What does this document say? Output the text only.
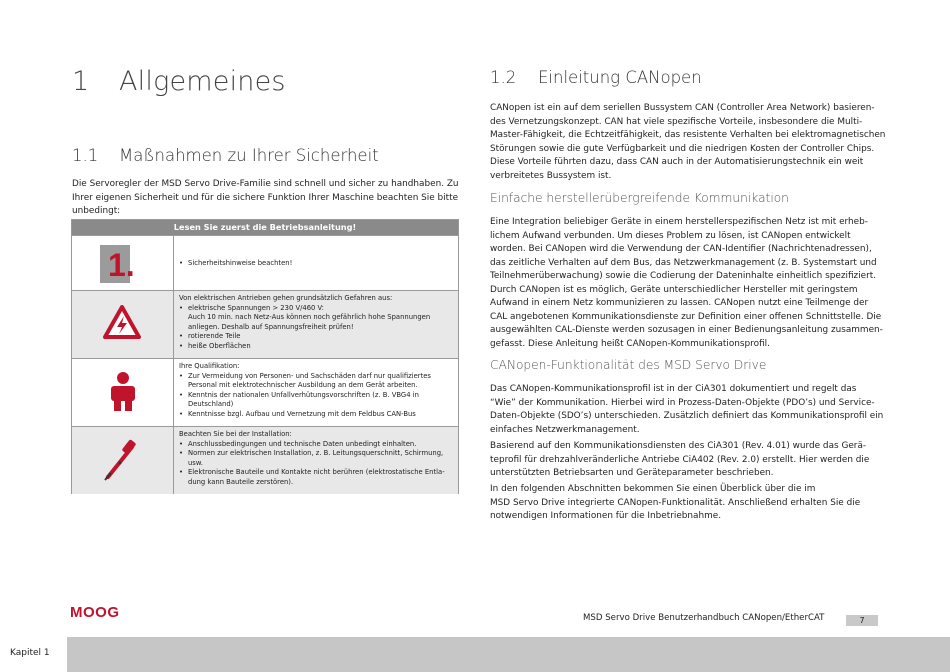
1 Allgemeines
1.1 Maßnahmen zu Ihrer Sicherheit
Die Servoregler der MSD Servo Drive-Familie sind schnell und sicher zu handhaben. Zu
Ihrer eigenen Sicherheit und für die sichere Funktion Ihrer Maschine beachten Sie bitte
unbedingt:
Lesen Sie zuerst die Betriebsanleitung!
1.
•	Sicherheitshinweise beachten!
Von elektrischen Antrieben gehen grundsätzlich Gefahren aus:
• elektrische Spannungen > 230 V/460 V:
Auch 10 min. nach Netz-Aus können noch gefährlich hohe Spannungen
anliegen. Deshalb auf Spannungsfreiheit prüfen!
• rotierende Teile
• heiße Oberflächen
Ihre Qualifikation:
• Zur Vermeidung von Personen- und Sachschäden darf nur qualifiziertes
Personal mit elektrotechnischer Ausbildung an dem Gerät arbeiten.
• Kenntnis der nationalen Unfallverhütungsvorschriften (z. B. VBG4 in
Deutschland)
• Kenntnisse bzgl. Aufbau und Vernetzung mit dem Feldbus CAN-Bus
Beachten Sie bei der Installation:
• Anschlussbedingungen und technische Daten unbedingt einhalten.
• Normen zur elektrischen Installation, z. B. Leitungsquerschnitt, Schirmung,
usw.
• Elektronische Bauteile und Kontakte nicht berühren (elektrostatische Entla-
dung kann Bauteile zerstören).
1.2 Einleitung CANopen
CANopen ist ein auf dem seriellen Bussystem CAN (Controller Area Network) basieren-
des Vernetzungskonzept. CAN hat viele spezifische Vorteile, insbesondere die Multi-
Master-Fähigkeit, die Echtzeitfähigkeit, das resistente Verhalten bei elektromagnetischen
Störungen sowie die gute Verfügbarkeit und die niedrigen Kosten der Controller Chips.
Diese Vorteile führten dazu, dass CAN auch in der Automatisierungstechnik ein weit
verbreitetes Bussystem ist.
Einfache herstellerübergreifende Kommunikation
Eine Integration beliebiger Geräte in einem herstellerspezifischen Netz ist mit erheb-
lichem Aufwand verbunden. Um dieses Problem zu lösen, ist CANopen entwickelt
worden. Bei CANopen wird die Verwendung der CAN-Identifier (Nachrichtenadressen),
das zeitliche Verhalten auf dem Bus, das Netzwerkmanagement (z. B. Systemstart und
Teilnehmerüberwachung) sowie die Codierung der Dateninhalte einheitlich spezifiziert.
Durch CANopen ist es möglich, Geräte unterschiedlicher Hersteller mit geringstem
Aufwand in einem Netz kommunizieren zu lassen. CANopen nutzt eine Teilmenge der
CAL angebotenen Kommunikationsdienste zur Definition einer offenen Schnittstelle. Die
ausgewählten CAL-Dienste werden sozusagen in einer Bedienungsanleitung zusammen-
gefasst. Diese Anleitung heißt CANopen-Kommunikationsprofil.
CANopen-Funktionalität des MSD Servo Drive
Das CANopen-Kommunikationsprofil ist in der CiA301 dokumentiert und regelt das
“Wie” der Kommunikation. Hierbei wird in Prozess-Daten-Objekte (PDO’s) und Service-
Daten-Objekte (SDO’s) unterschieden. Zusätzlich definiert das Kommunikationsprofil ein
einfaches Netzwerkmanagement.
Basierend auf den Kommunikationsdiensten des CiA301 (Rev. 4.01) wurde das Gerä-
teprofil für drehzahlveränderliche Antriebe CiA402 (Rev. 2.0) erstellt. Hier werden die
unterstützten Betriebsarten und Geräteparameter beschrieben.
In den folgenden Abschnitten bekommen Sie einen Überblick über die im
MSD Servo Drive integrierte CANopen-Funktionalität. Anschließend erhalten Sie die
notwendigen Informationen für die Inbetriebnahme.
MOOG	MSD Servo Drive Benutzerhandbuch CANopen/EtherCAT	7
Kapitel 1
